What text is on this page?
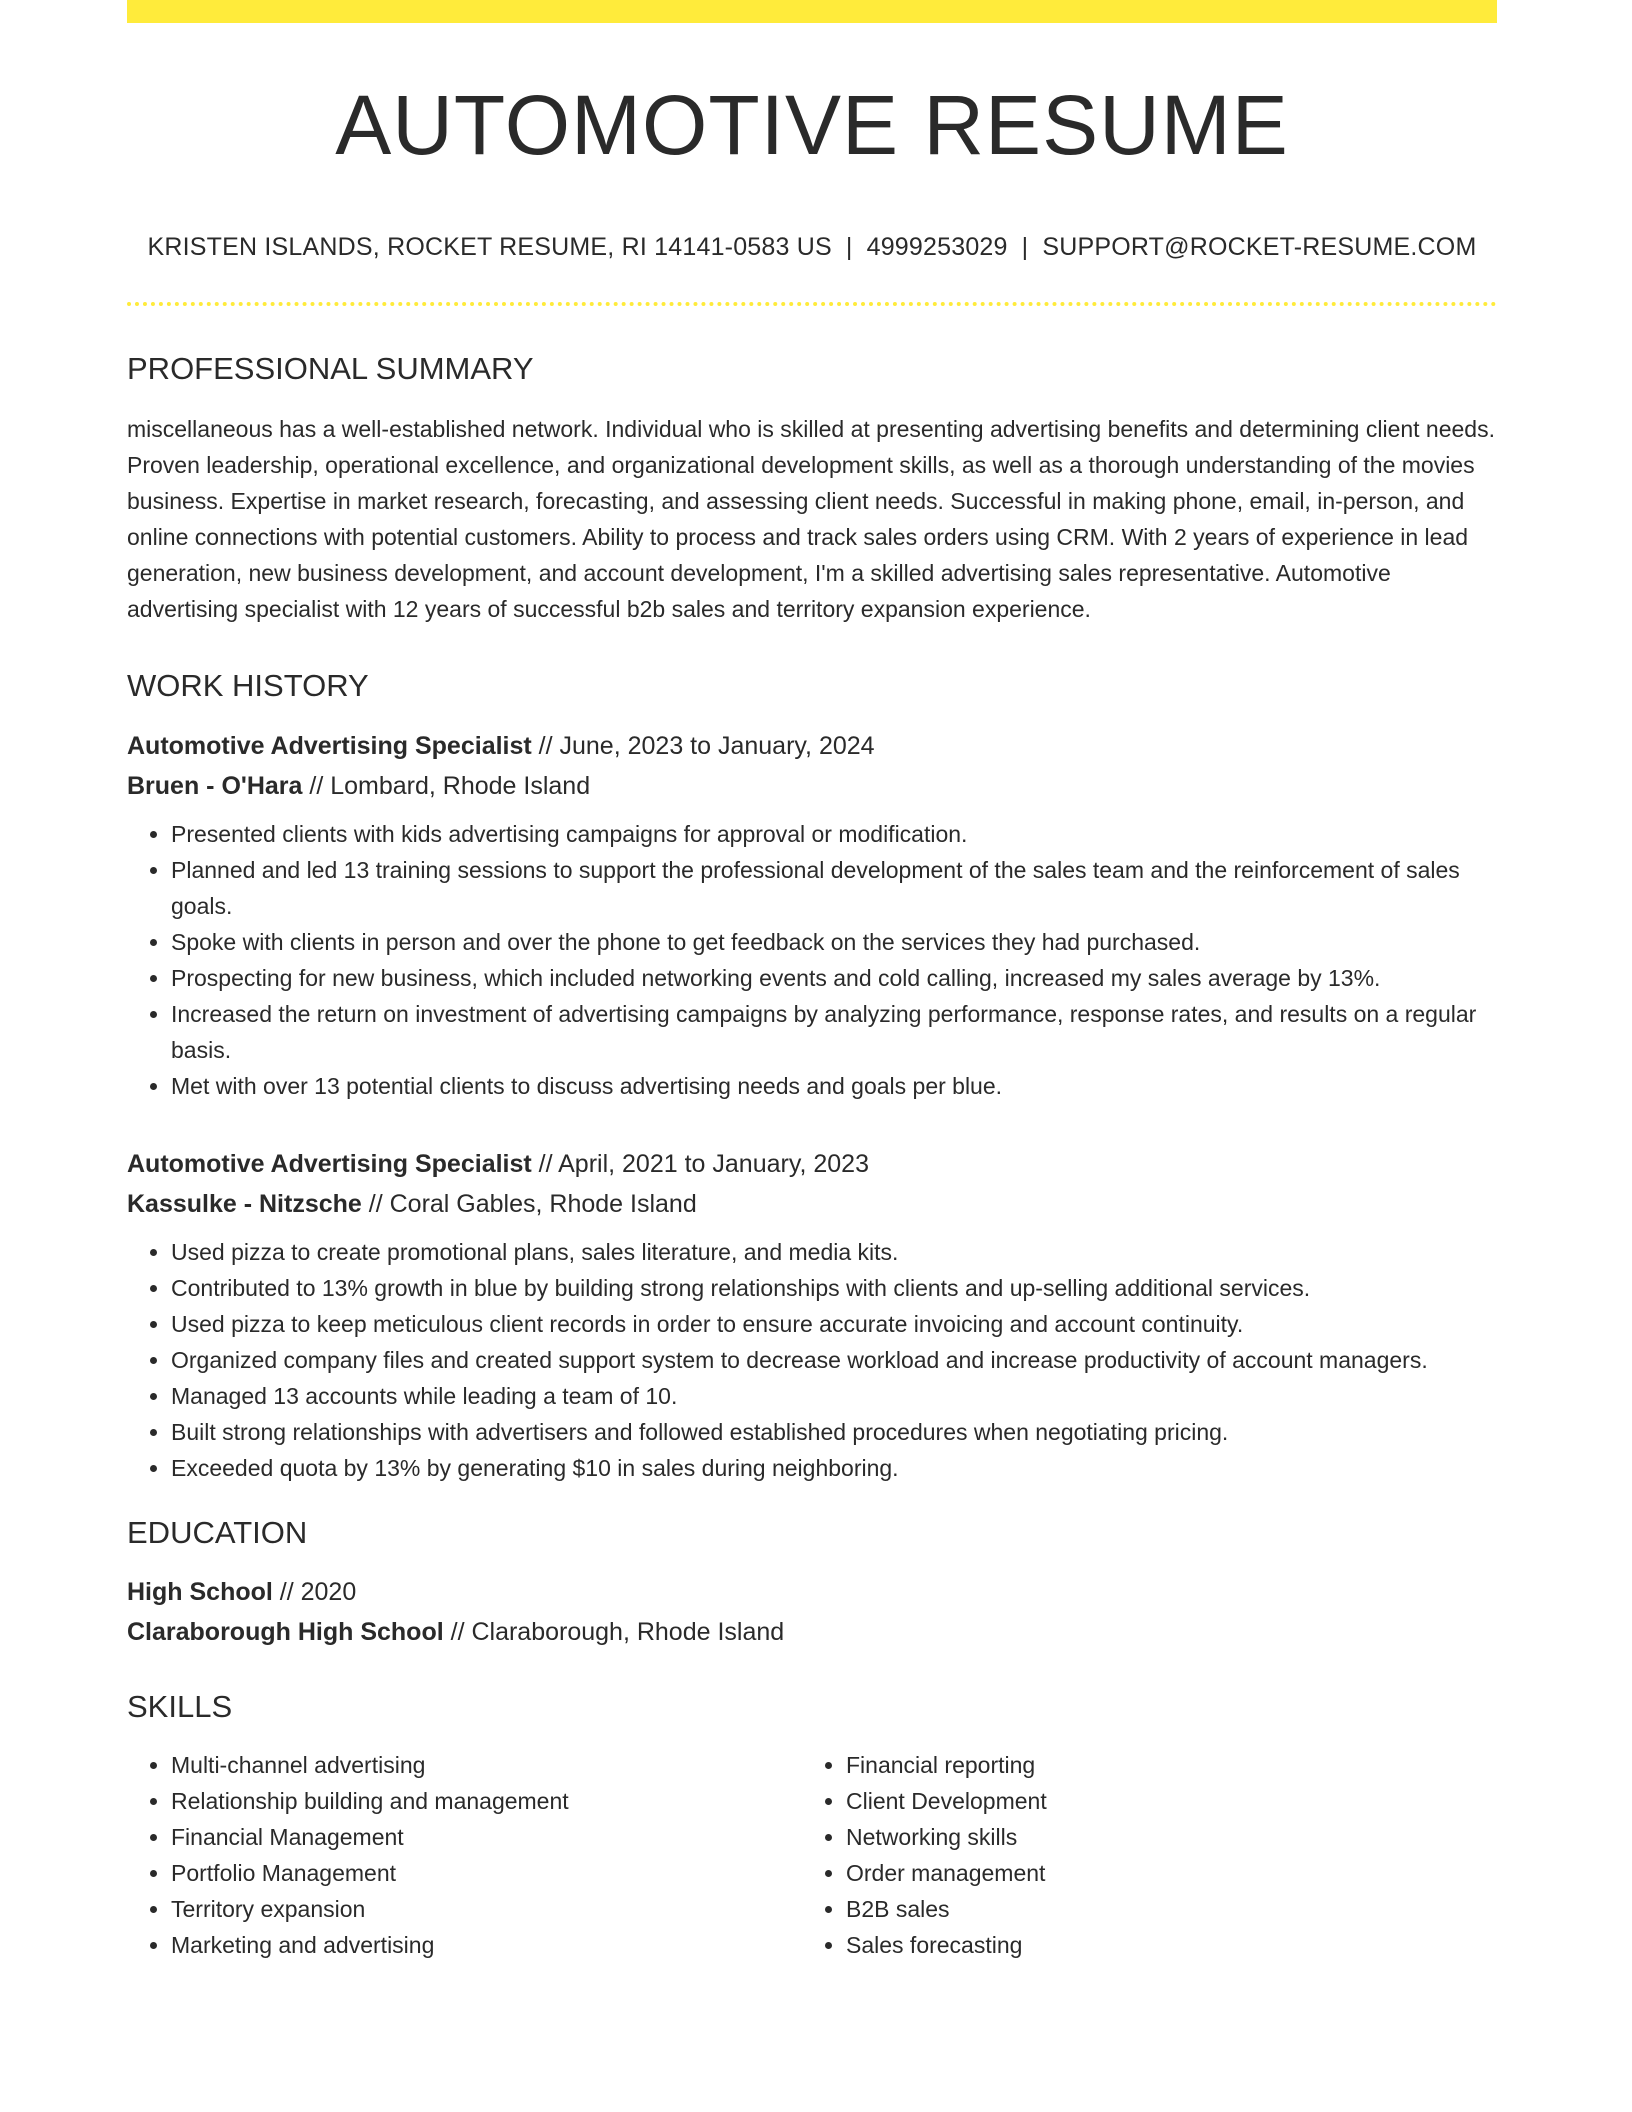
AUTOMOTIVE RESUME
KRISTEN ISLANDS, ROCKET RESUME, RI 14141-0583 US | 4999253029 | SUPPORT@ROCKET-RESUME.COM
PROFESSIONAL SUMMARY
miscellaneous has a well-established network. Individual who is skilled at presenting advertising benefits and determining client needs. Proven leadership, operational excellence, and organizational development skills, as well as a thorough understanding of the movies business. Expertise in market research, forecasting, and assessing client needs. Successful in making phone, email, in-person, and online connections with potential customers. Ability to process and track sales orders using CRM. With 2 years of experience in lead generation, new business development, and account development, I'm a skilled advertising sales representative. Automotive advertising specialist with 12 years of successful b2b sales and territory expansion experience.
WORK HISTORY
Automotive Advertising Specialist // June, 2023 to January, 2024
Bruen - O'Hara // Lombard, Rhode Island
• Presented clients with kids advertising campaigns for approval or modification.
• Planned and led 13 training sessions to support the professional development of the sales team and the reinforcement of sales goals.
• Spoke with clients in person and over the phone to get feedback on the services they had purchased.
• Prospecting for new business, which included networking events and cold calling, increased my sales average by 13%.
• Increased the return on investment of advertising campaigns by analyzing performance, response rates, and results on a regular basis.
• Met with over 13 potential clients to discuss advertising needs and goals per blue.
Automotive Advertising Specialist // April, 2021 to January, 2023
Kassulke - Nitzsche // Coral Gables, Rhode Island
• Used pizza to create promotional plans, sales literature, and media kits.
• Contributed to 13% growth in blue by building strong relationships with clients and up-selling additional services.
• Used pizza to keep meticulous client records in order to ensure accurate invoicing and account continuity.
• Organized company files and created support system to decrease workload and increase productivity of account managers.
• Managed 13 accounts while leading a team of 10.
• Built strong relationships with advertisers and followed established procedures when negotiating pricing.
• Exceeded quota by 13% by generating $10 in sales during neighboring.
EDUCATION
High School // 2020
Claraborough High School // Claraborough, Rhode Island
SKILLS
• Multi-channel advertising
• Relationship building and management
• Financial Management
• Portfolio Management
• Territory expansion
• Marketing and advertising
• Financial reporting
• Client Development
• Networking skills
• Order management
• B2B sales
• Sales forecasting
